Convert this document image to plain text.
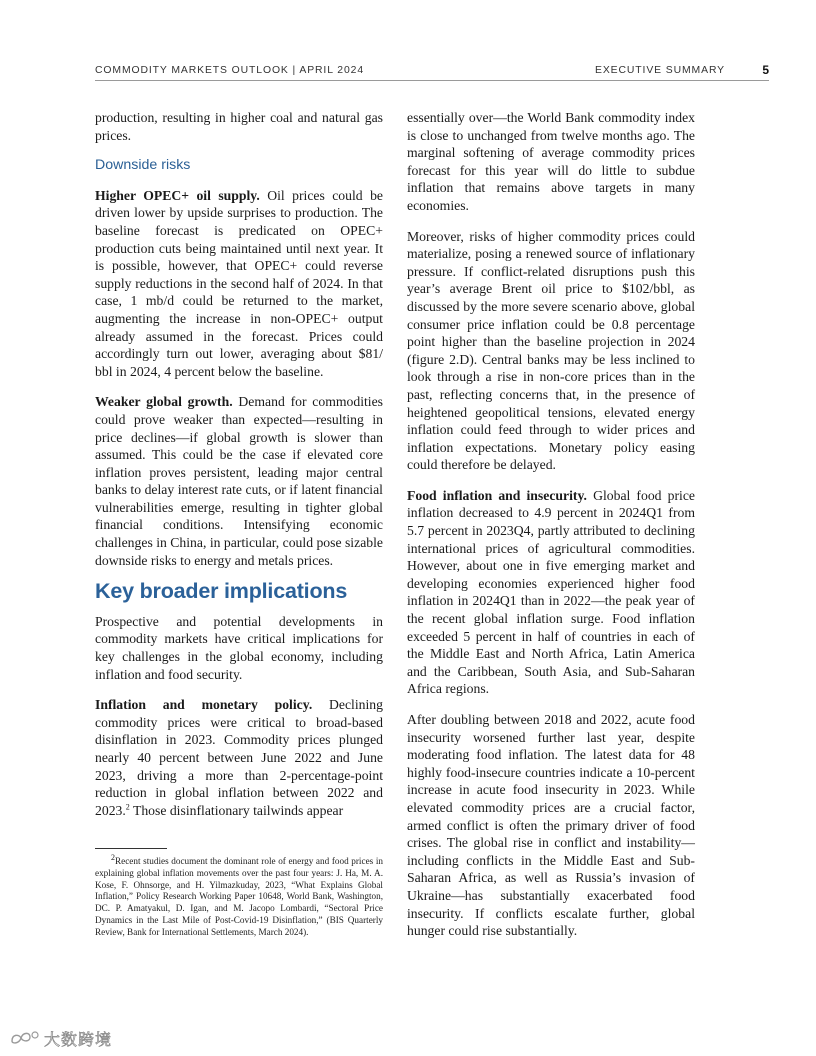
COMMODITY MARKETS OUTLOOK | APRIL 2024	EXECUTIVE SUMMARY	5

production, resulting in higher coal and natural gas prices.

Downside risks

Higher OPEC+ oil supply. Oil prices could be driven lower by upside surprises to production. The baseline forecast is predicated on OPEC+ production cuts being maintained until next year. It is possible, however, that OPEC+ could reverse supply reductions in the second half of 2024. In that case, 1 mb/d could be returned to the market, augmenting the increase in non-OPEC+ output already assumed in the forecast. Prices could accordingly turn out lower, averaging about $81/ bbl in 2024, 4 percent below the baseline.

Weaker global growth. Demand for commodities could prove weaker than expected—resulting in price declines—if global growth is slower than assumed. This could be the case if elevated core inflation proves persistent, leading major central banks to delay interest rate cuts, or if latent financial vulnerabilities emerge, resulting in tighter global financial conditions. Intensifying economic challenges in China, in particular, could pose sizable downside risks to energy and metals prices.

Key broader implications

Prospective and potential developments in commodity markets have critical implications for key challenges in the global economy, including inflation and food security.

Inflation and monetary policy. Declining commodity prices were critical to broad-based disinflation in 2023. Commodity prices plunged nearly 40 percent between June 2022 and June 2023, driving a more than 2-percentage-point reduction in global inflation between 2022 and 2023.$^2$ Those disinflationary tailwinds appear

$^2$Recent studies document the dominant role of energy and food prices in explaining global inflation movements over the past four years: J. Ha, M. A. Kose, F. Ohnsorge, and H. Yilmazkuday, 2023, “What Explains Global Inflation,” Policy Research Working Paper 10648, World Bank, Washington, DC. P. Amatyakul, D. Igan, and M. Jacopo Lombardi, “Sectoral Price Dynamics in the Last Mile of Post-Covid-19 Disinflation,” (BIS Quarterly Review, Bank for International Settlements, March 2024).

essentially over—the World Bank commodity index is close to unchanged from twelve months ago. The marginal softening of average commodity prices forecast for this year will do little to subdue inflation that remains above targets in many economies.

Moreover, risks of higher commodity prices could materialize, posing a renewed source of inflationary pressure. If conflict-related disruptions push this year’s average Brent oil price to $102/bbl, as discussed by the more severe scenario above, global consumer price inflation could be 0.8 percentage point higher than the baseline projection in 2024 (figure 2.D). Central banks may be less inclined to look through a rise in non-core prices than in the past, reflecting concerns that, in the presence of heightened geopolitical tensions, elevated energy inflation could feed through to wider prices and inflation expectations. Monetary policy easing could therefore be delayed.

Food inflation and insecurity. Global food price inflation decreased to 4.9 percent in 2024Q1 from 5.7 percent in 2023Q4, partly attributed to declining international prices of agricultural commodities. However, about one in five emerging market and developing economies experienced higher food inflation in 2024Q1 than in 2022—the peak year of the recent global inflation surge. Food inflation exceeded 5 percent in half of countries in each of the Middle East and North Africa, Latin America and the Caribbean, South Asia, and Sub-Saharan Africa regions.

After doubling between 2018 and 2022, acute food insecurity worsened further last year, despite moderating food inflation. The latest data for 48 highly food-insecure countries indicate a 10-percent increase in acute food insecurity in 2023. While elevated commodity prices are a crucial factor, armed conflict is often the primary driver of food crises. The global rise in conflict and instability—including conflicts in the Middle East and Sub-Saharan Africa, as well as Russia’s invasion of Ukraine—has substantially exacerbated food insecurity. If conflicts escalate further, global hunger could rise substantially.

大数跨境
